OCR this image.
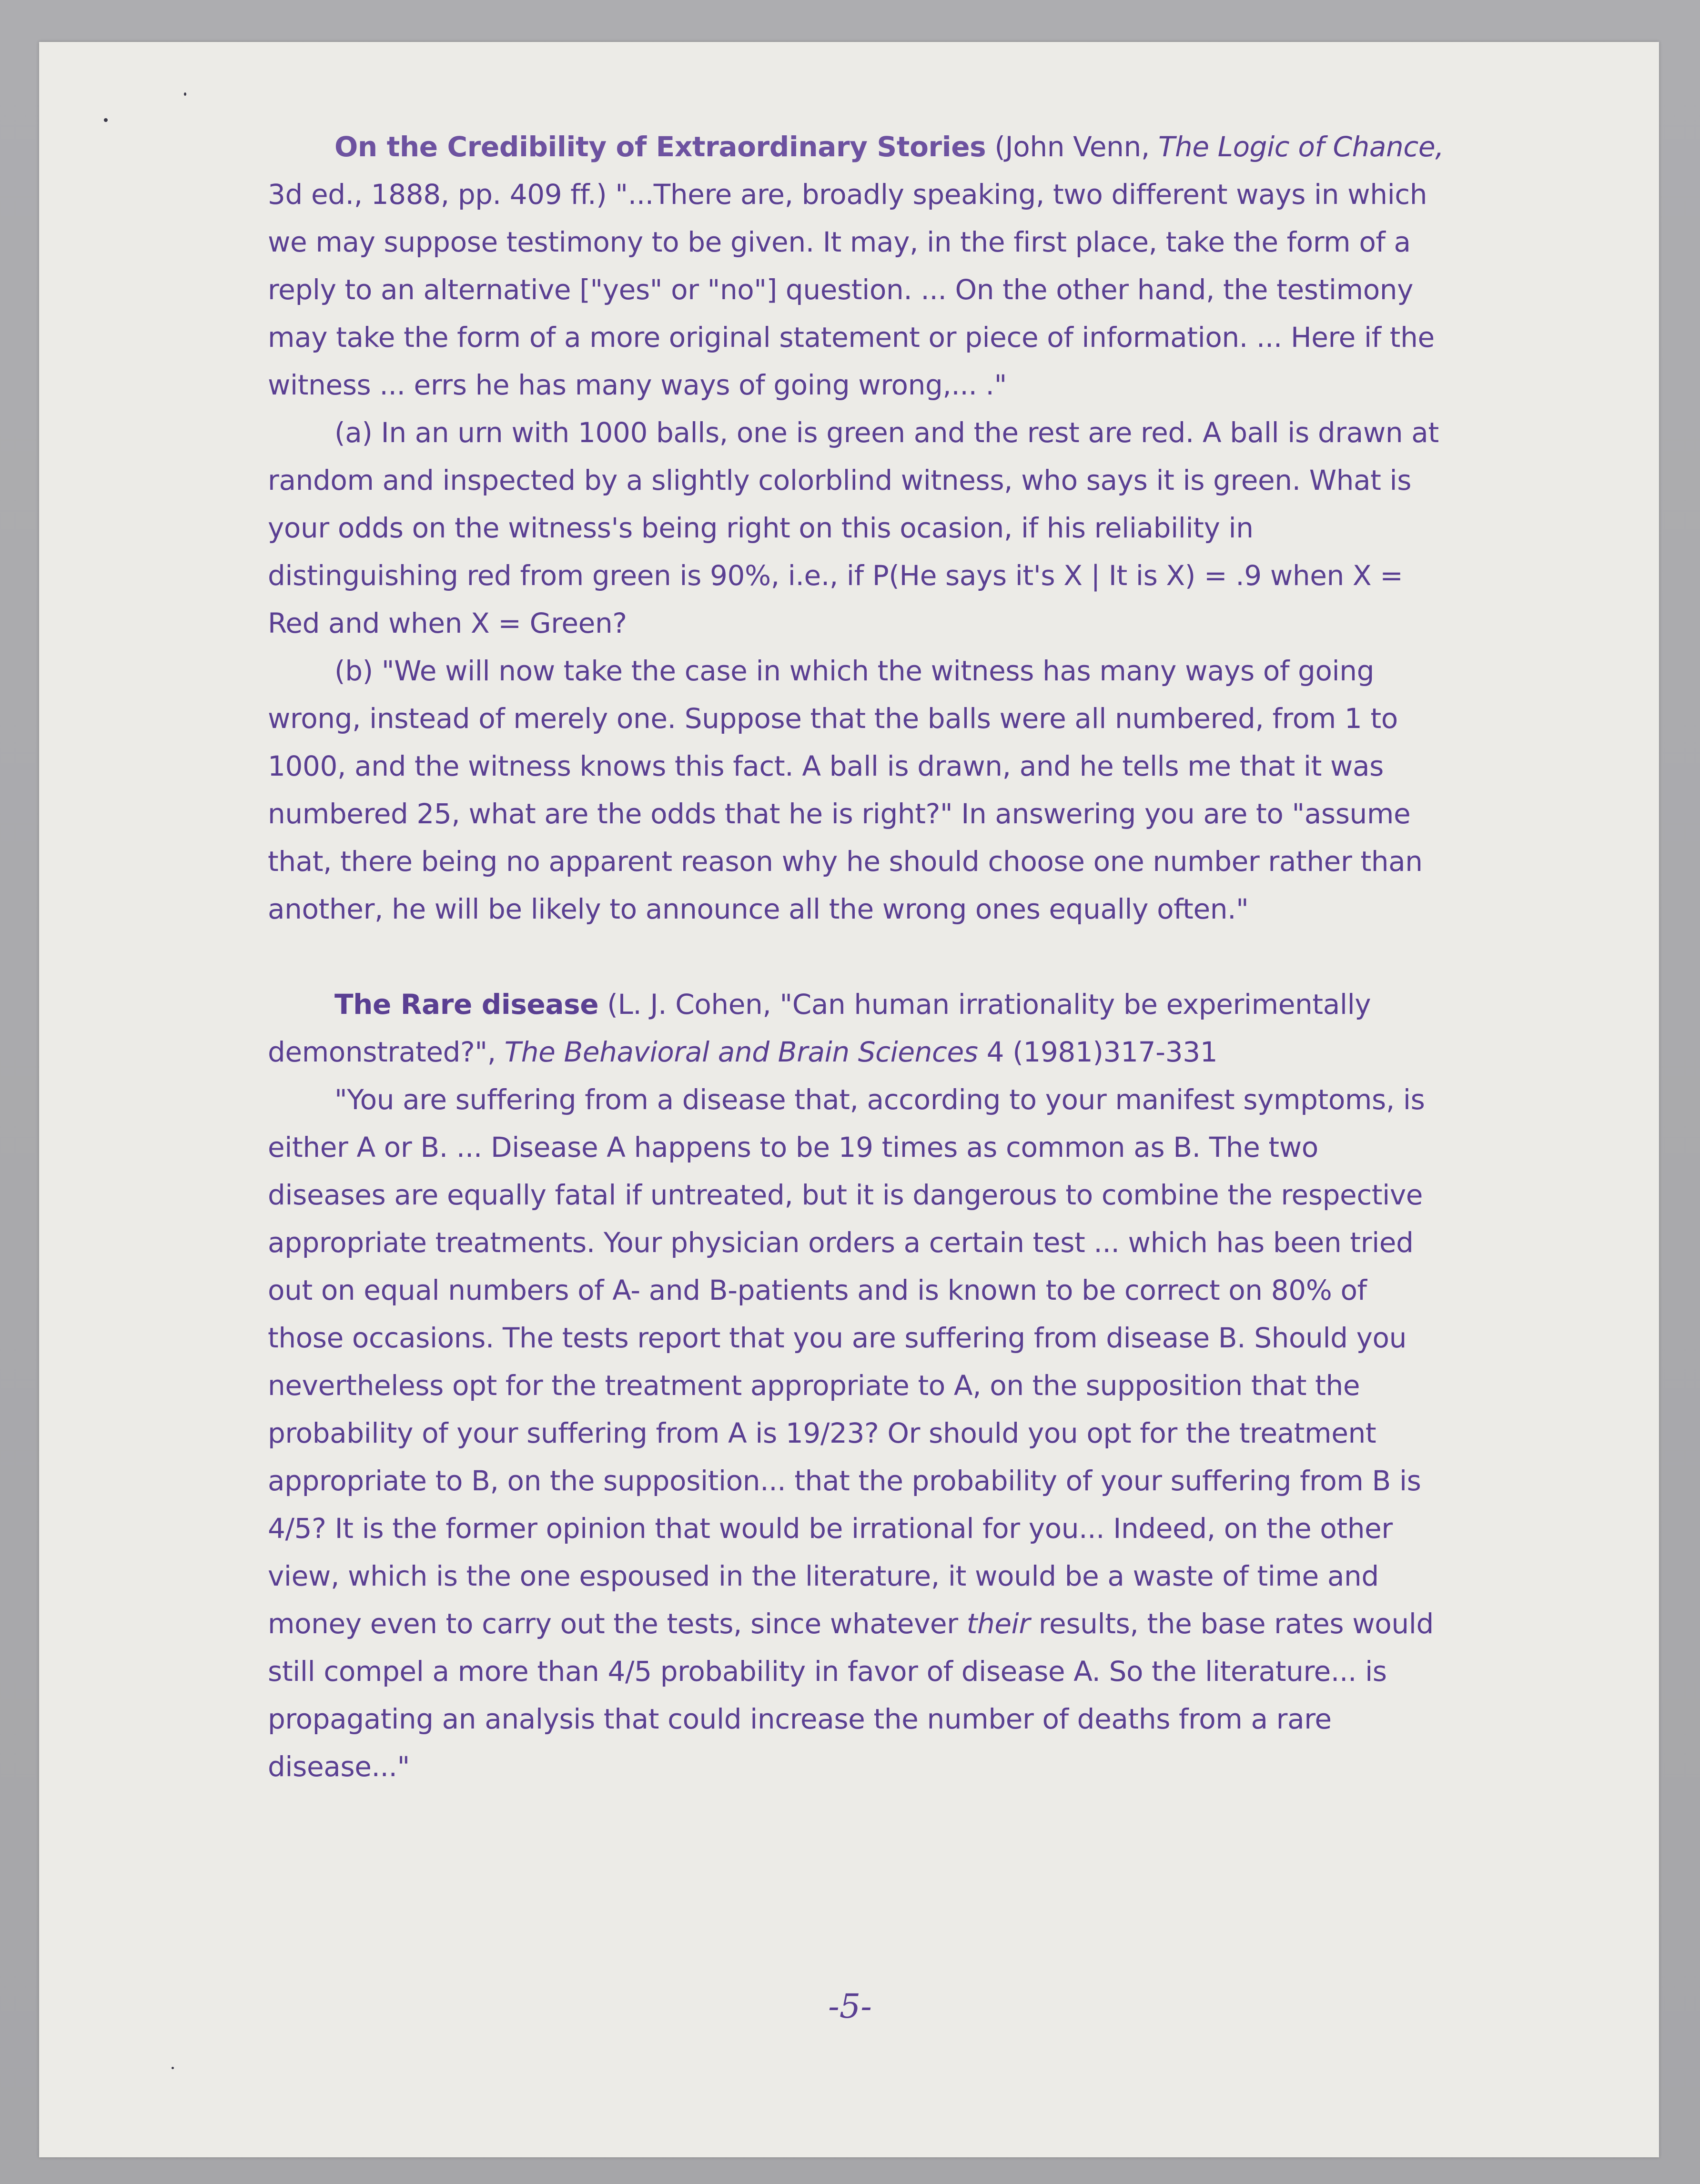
On the Credibility of Extraordinary Stories (John Venn, The Logic of Chance, 3d ed., 1888, pp. 409 ff.) "...There are, broadly speaking, two different ways in which we may suppose testimony to be given. It may, in the first place, take the form of a reply to an alternative ["yes" or "no"] question. ... On the other hand, the testimony may take the form of a more original statement or piece of information. ... Here if the witness ... errs he has many ways of going wrong,... ."

(a) In an urn with 1000 balls, one is green and the rest are red. A ball is drawn at random and inspected by a slightly colorblind witness, who says it is green. What is your odds on the witness's being right on this ocasion, if his reliability in distinguishing red from green is 90%, i.e., if P(He says it's X | It is X) = .9 when X = Red and when X = Green?

(b) "We will now take the case in which the witness has many ways of going wrong, instead of merely one. Suppose that the balls were all numbered, from 1 to 1000, and the witness knows this fact. A ball is drawn, and he tells me that it was numbered 25, what are the odds that he is right?" In answering you are to "assume that, there being no apparent reason why he should choose one number rather than another, he will be likely to announce all the wrong ones equally often."

The Rare disease (L. J. Cohen, "Can human irrationality be experimentally demonstrated?", The Behavioral and Brain Sciences 4 (1981)317-331

"You are suffering from a disease that, according to your manifest symptoms, is either A or B. ... Disease A happens to be 19 times as common as B. The two diseases are equally fatal if untreated, but it is dangerous to combine the respective appropriate treatments. Your physician orders a certain test ... which has been tried out on equal numbers of A- and B-patients and is known to be correct on 80% of those occasions. The tests report that you are suffering from disease B. Should you nevertheless opt for the treatment appropriate to A, on the supposition that the probability of your suffering from A is 19/23? Or should you opt for the treatment appropriate to B, on the supposition... that the probability of your suffering from B is 4/5? It is the former opinion that would be irrational for you... Indeed, on the other view, which is the one espoused in the literature, it would be a waste of time and money even to carry out the tests, since whatever their results, the base rates would still compel a more than 4/5 probability in favor of disease A. So the literature... is propagating an analysis that could increase the number of deaths from a rare disease..."

-5-
